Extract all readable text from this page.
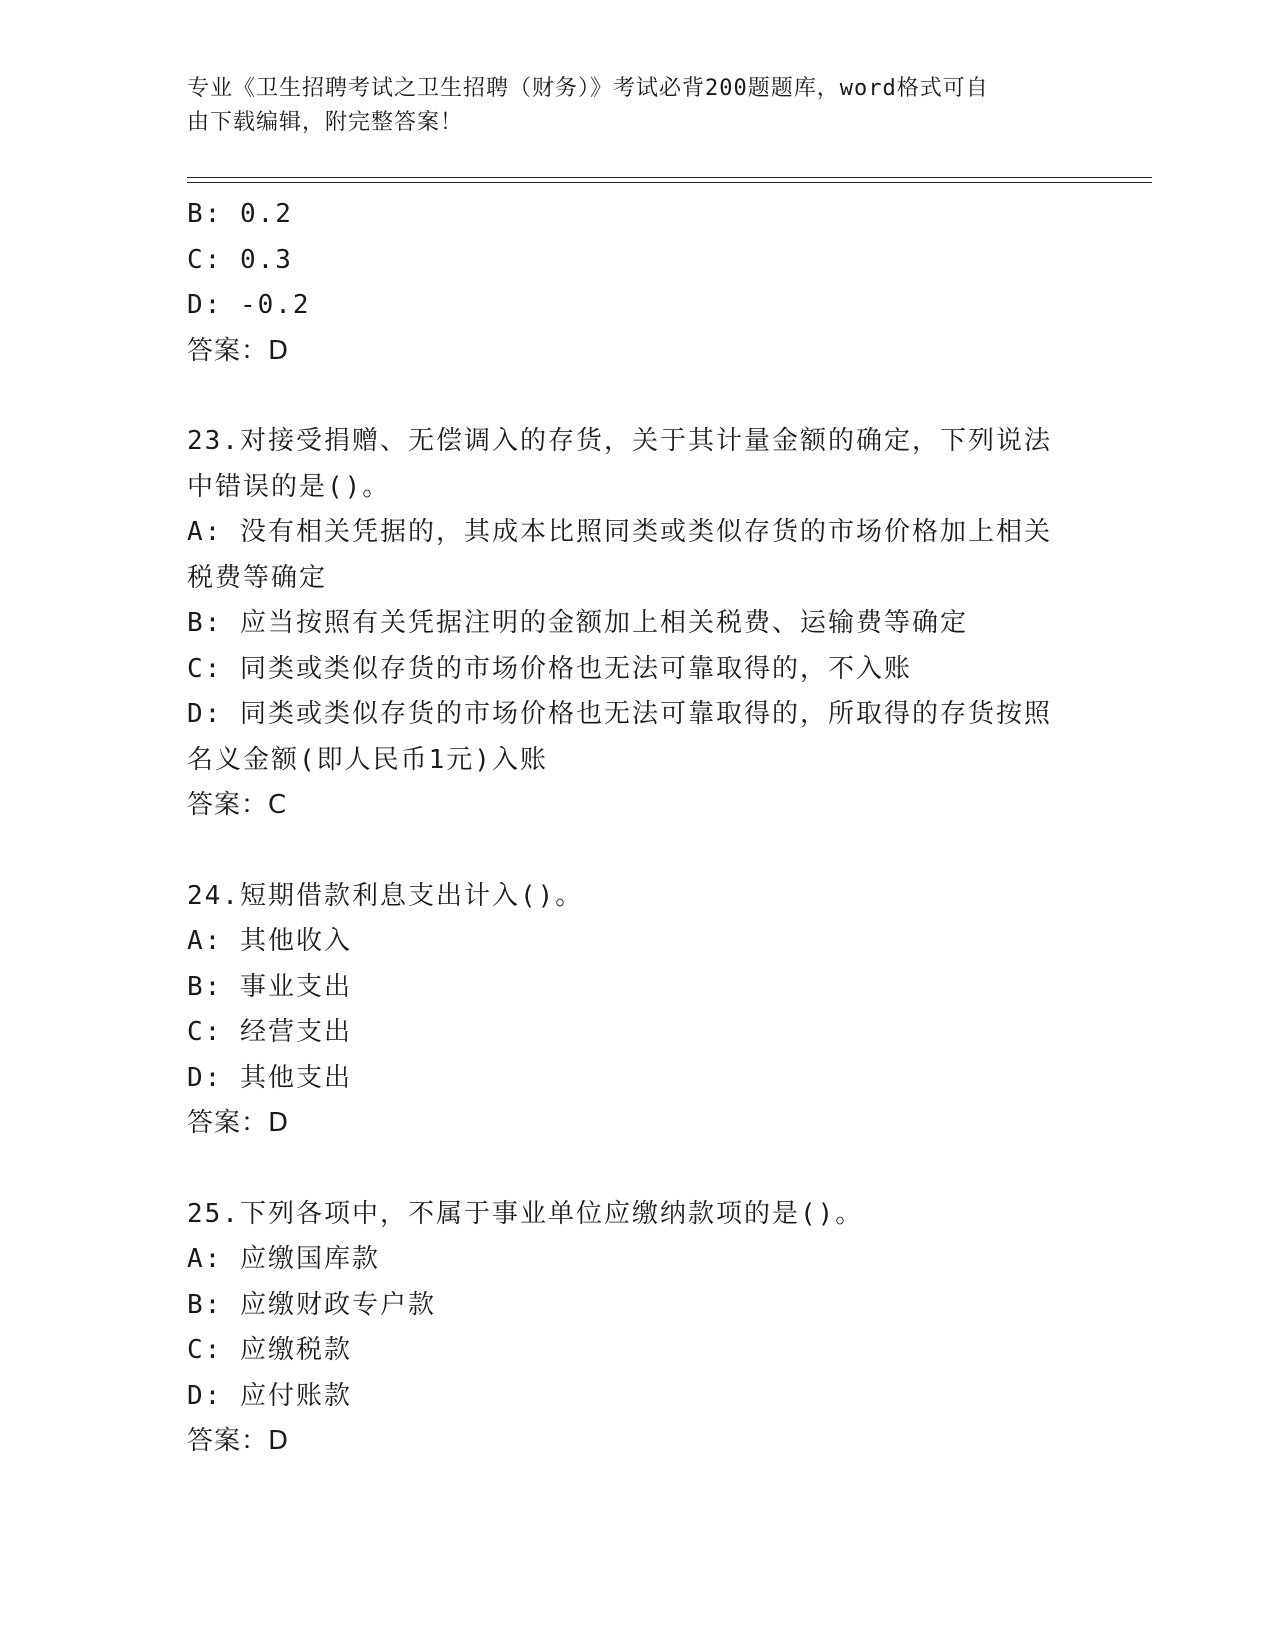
专业《卫生招聘考试之卫生招聘（财务）》考试必背200题题库，word格式可自
由下载编辑，附完整答案！
B: 0.2
C: 0.3
D: -0.2
答案：D
23.对接受捐赠、无偿调入的存货，关于其计量金额的确定，下列说法
中错误的是()。
A: 没有相关凭据的，其成本比照同类或类似存货的市场价格加上相关
税费等确定
B: 应当按照有关凭据注明的金额加上相关税费、运输费等确定
C: 同类或类似存货的市场价格也无法可靠取得的，不入账
D: 同类或类似存货的市场价格也无法可靠取得的，所取得的存货按照
名义金额(即人民币1元)入账
答案：C
24.短期借款利息支出计入()。
A: 其他收入
B: 事业支出
C: 经营支出
D: 其他支出
答案：D
25.下列各项中，不属于事业单位应缴纳款项的是()。
A: 应缴国库款
B: 应缴财政专户款
C: 应缴税款
D: 应付账款
答案：D
